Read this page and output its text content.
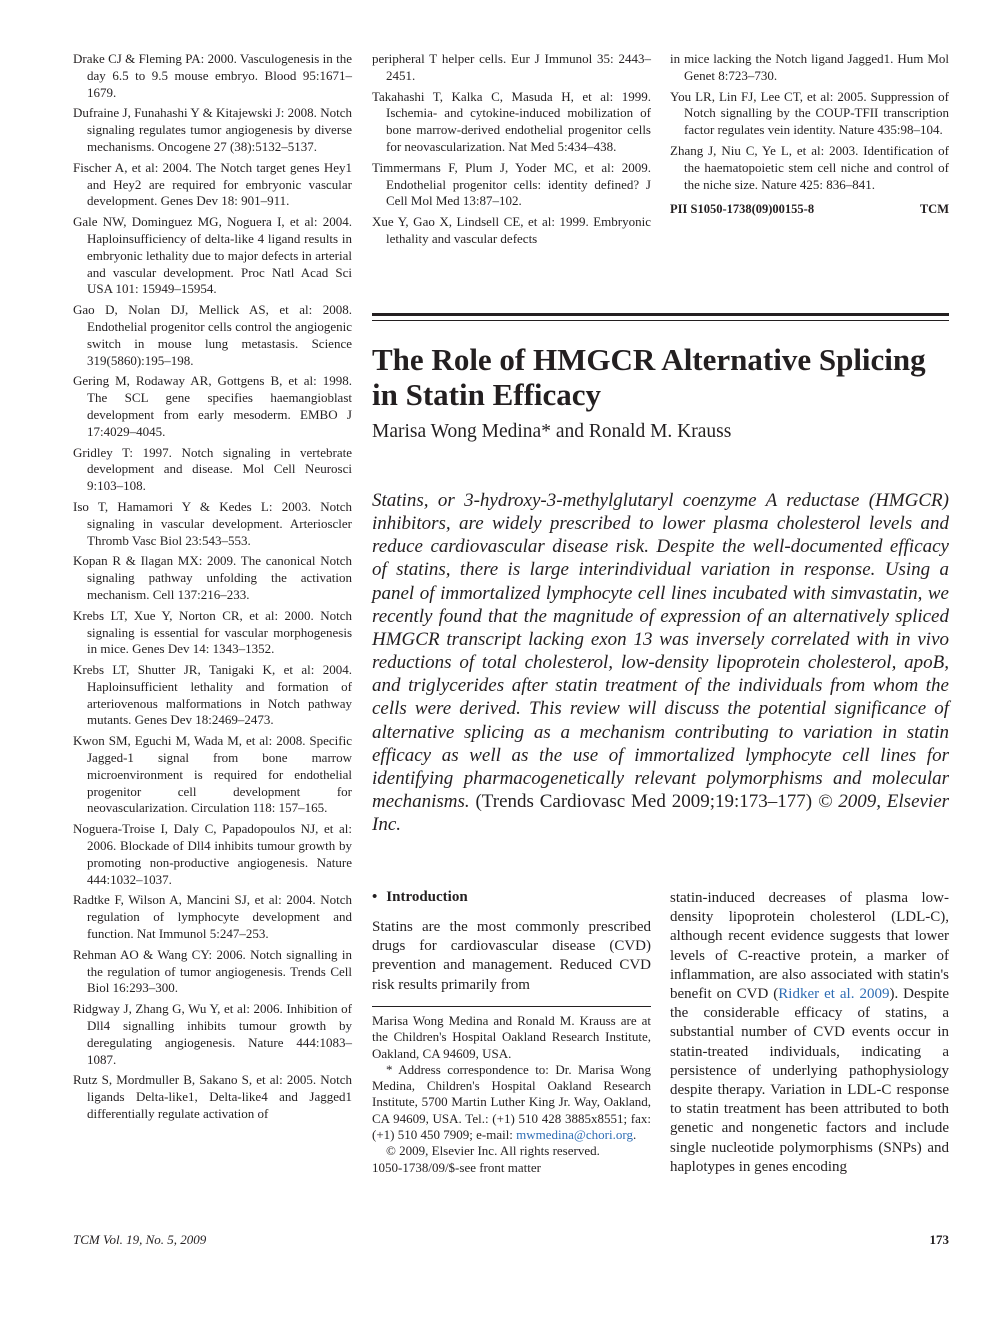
Drake CJ & Fleming PA: 2000. Vasculogenesis in the day 6.5 to 9.5 mouse embryo. Blood 95:1671–1679.

Dufraine J, Funahashi Y & Kitajewski J: 2008. Notch signaling regulates tumor angiogenesis by diverse mechanisms. Oncogene 27 (38):5132–5137.

Fischer A, et al: 2004. The Notch target genes Hey1 and Hey2 are required for embryonic vascular development. Genes Dev 18: 901–911.

Gale NW, Dominguez MG, Noguera I, et al: 2004. Haploinsufficiency of delta-like 4 ligand results in embryonic lethality due to major defects in arterial and vascular development. Proc Natl Acad Sci USA 101: 15949–15954.

Gao D, Nolan DJ, Mellick AS, et al: 2008. Endothelial progenitor cells control the angiogenic switch in mouse lung metastasis. Science 319(5860):195–198.

Gering M, Rodaway AR, Gottgens B, et al: 1998. The SCL gene specifies haemangioblast development from early mesoderm. EMBO J 17:4029–4045.

Gridley T: 1997. Notch signaling in vertebrate development and disease. Mol Cell Neurosci 9:103–108.

Iso T, Hamamori Y & Kedes L: 2003. Notch signaling in vascular development. Arterioscler Thromb Vasc Biol 23:543–553.

Kopan R & Ilagan MX: 2009. The canonical Notch signaling pathway unfolding the activation mechanism. Cell 137:216–233.

Krebs LT, Xue Y, Norton CR, et al: 2000. Notch signaling is essential for vascular morphogenesis in mice. Genes Dev 14: 1343–1352.

Krebs LT, Shutter JR, Tanigaki K, et al: 2004. Haploinsufficient lethality and formation of arteriovenous malformations in Notch pathway mutants. Genes Dev 18:2469–2473.

Kwon SM, Eguchi M, Wada M, et al: 2008. Specific Jagged-1 signal from bone marrow microenvironment is required for endothelial progenitor cell development for neovascularization. Circulation 118: 157–165.

Noguera-Troise I, Daly C, Papadopoulos NJ, et al: 2006. Blockade of Dll4 inhibits tumour growth by promoting non-productive angiogenesis. Nature 444:1032–1037.

Radtke F, Wilson A, Mancini SJ, et al: 2004. Notch regulation of lymphocyte development and function. Nat Immunol 5:247–253.

Rehman AO & Wang CY: 2006. Notch signalling in the regulation of tumor angiogenesis. Trends Cell Biol 16:293–300.

Ridgway J, Zhang G, Wu Y, et al: 2006. Inhibition of Dll4 signalling inhibits tumour growth by deregulating angiogenesis. Nature 444:1083–1087.

Rutz S, Mordmuller B, Sakano S, et al: 2005. Notch ligands Delta-like1, Delta-like4 and Jagged1 differentially regulate activation of

peripheral T helper cells. Eur J Immunol 35: 2443–2451.

Takahashi T, Kalka C, Masuda H, et al: 1999. Ischemia- and cytokine-induced mobilization of bone marrow-derived endothelial progenitor cells for neovascularization. Nat Med 5:434–438.

Timmermans F, Plum J, Yoder MC, et al: 2009. Endothelial progenitor cells: identity defined? J Cell Mol Med 13:87–102.

Xue Y, Gao X, Lindsell CE, et al: 1999. Embryonic lethality and vascular defects

in mice lacking the Notch ligand Jagged1. Hum Mol Genet 8:723–730.

You LR, Lin FJ, Lee CT, et al: 2005. Suppression of Notch signalling by the COUP-TFII transcription factor regulates vein identity. Nature 435:98–104.

Zhang J, Niu C, Ye L, et al: 2003. Identification of the haematopoietic stem cell niche and control of the niche size. Nature 425: 836–841.

PII S1050-1738(09)00155-8	TCM
The Role of HMGCR Alternative Splicing in Statin Efficacy

Marisa Wong Medina* and Ronald M. Krauss

Statins, or 3-hydroxy-3-methylglutaryl coenzyme A reductase (HMGCR) inhibitors, are widely prescribed to lower plasma cholesterol levels and reduce cardiovascular disease risk. Despite the well-documented efficacy of statins, there is large interindividual variation in response. Using a panel of immortalized lymphocyte cell lines incubated with simvastatin, we recently found that the magnitude of expression of an alternatively spliced HMGCR transcript lacking exon 13 was inversely correlated with in vivo reductions of total cholesterol, low-density lipoprotein cholesterol, apoB, and triglycerides after statin treatment of the individuals from whom the cells were derived. This review will discuss the potential significance of alternative splicing as a mechanism contributing to variation in statin efficacy as well as the use of immortalized lymphocyte cell lines for identifying pharmacogenetically relevant polymorphisms and molecular mechanisms. (Trends Cardiovasc Med 2009;19:173–177) © 2009, Elsevier Inc.

• Introduction

Statins are the most commonly prescribed drugs for cardiovascular disease (CVD) prevention and management. Reduced CVD risk results primarily from

statin-induced decreases of plasma low-density lipoprotein cholesterol (LDL-C), although recent evidence suggests that lower levels of C-reactive protein, a marker of inflammation, are also associated with statin's benefit on CVD (Ridker et al. 2009). Despite the considerable efficacy of statins, a substantial number of CVD events occur in statin-treated individuals, indicating a persistence of underlying pathophysiology despite therapy. Variation in LDL-C response to statin treatment has been attributed to both genetic and nongenetic factors and include single nucleotide polymorphisms (SNPs) and haplotypes in genes encoding

Marisa Wong Medina and Ronald M. Krauss are at the Children's Hospital Oakland Research Institute, Oakland, CA 94609, USA.

* Address correspondence to: Dr. Marisa Wong Medina, Children's Hospital Oakland Research Institute, 5700 Martin Luther King Jr. Way, Oakland, CA 94609, USA. Tel.: (+1) 510 428 3885x8551; fax: (+1) 510 450 7909; e-mail: mwmedina@chori.org.

© 2009, Elsevier Inc. All rights reserved.

1050-1738/09/$-see front matter

TCM Vol. 19, No. 5, 2009	173
